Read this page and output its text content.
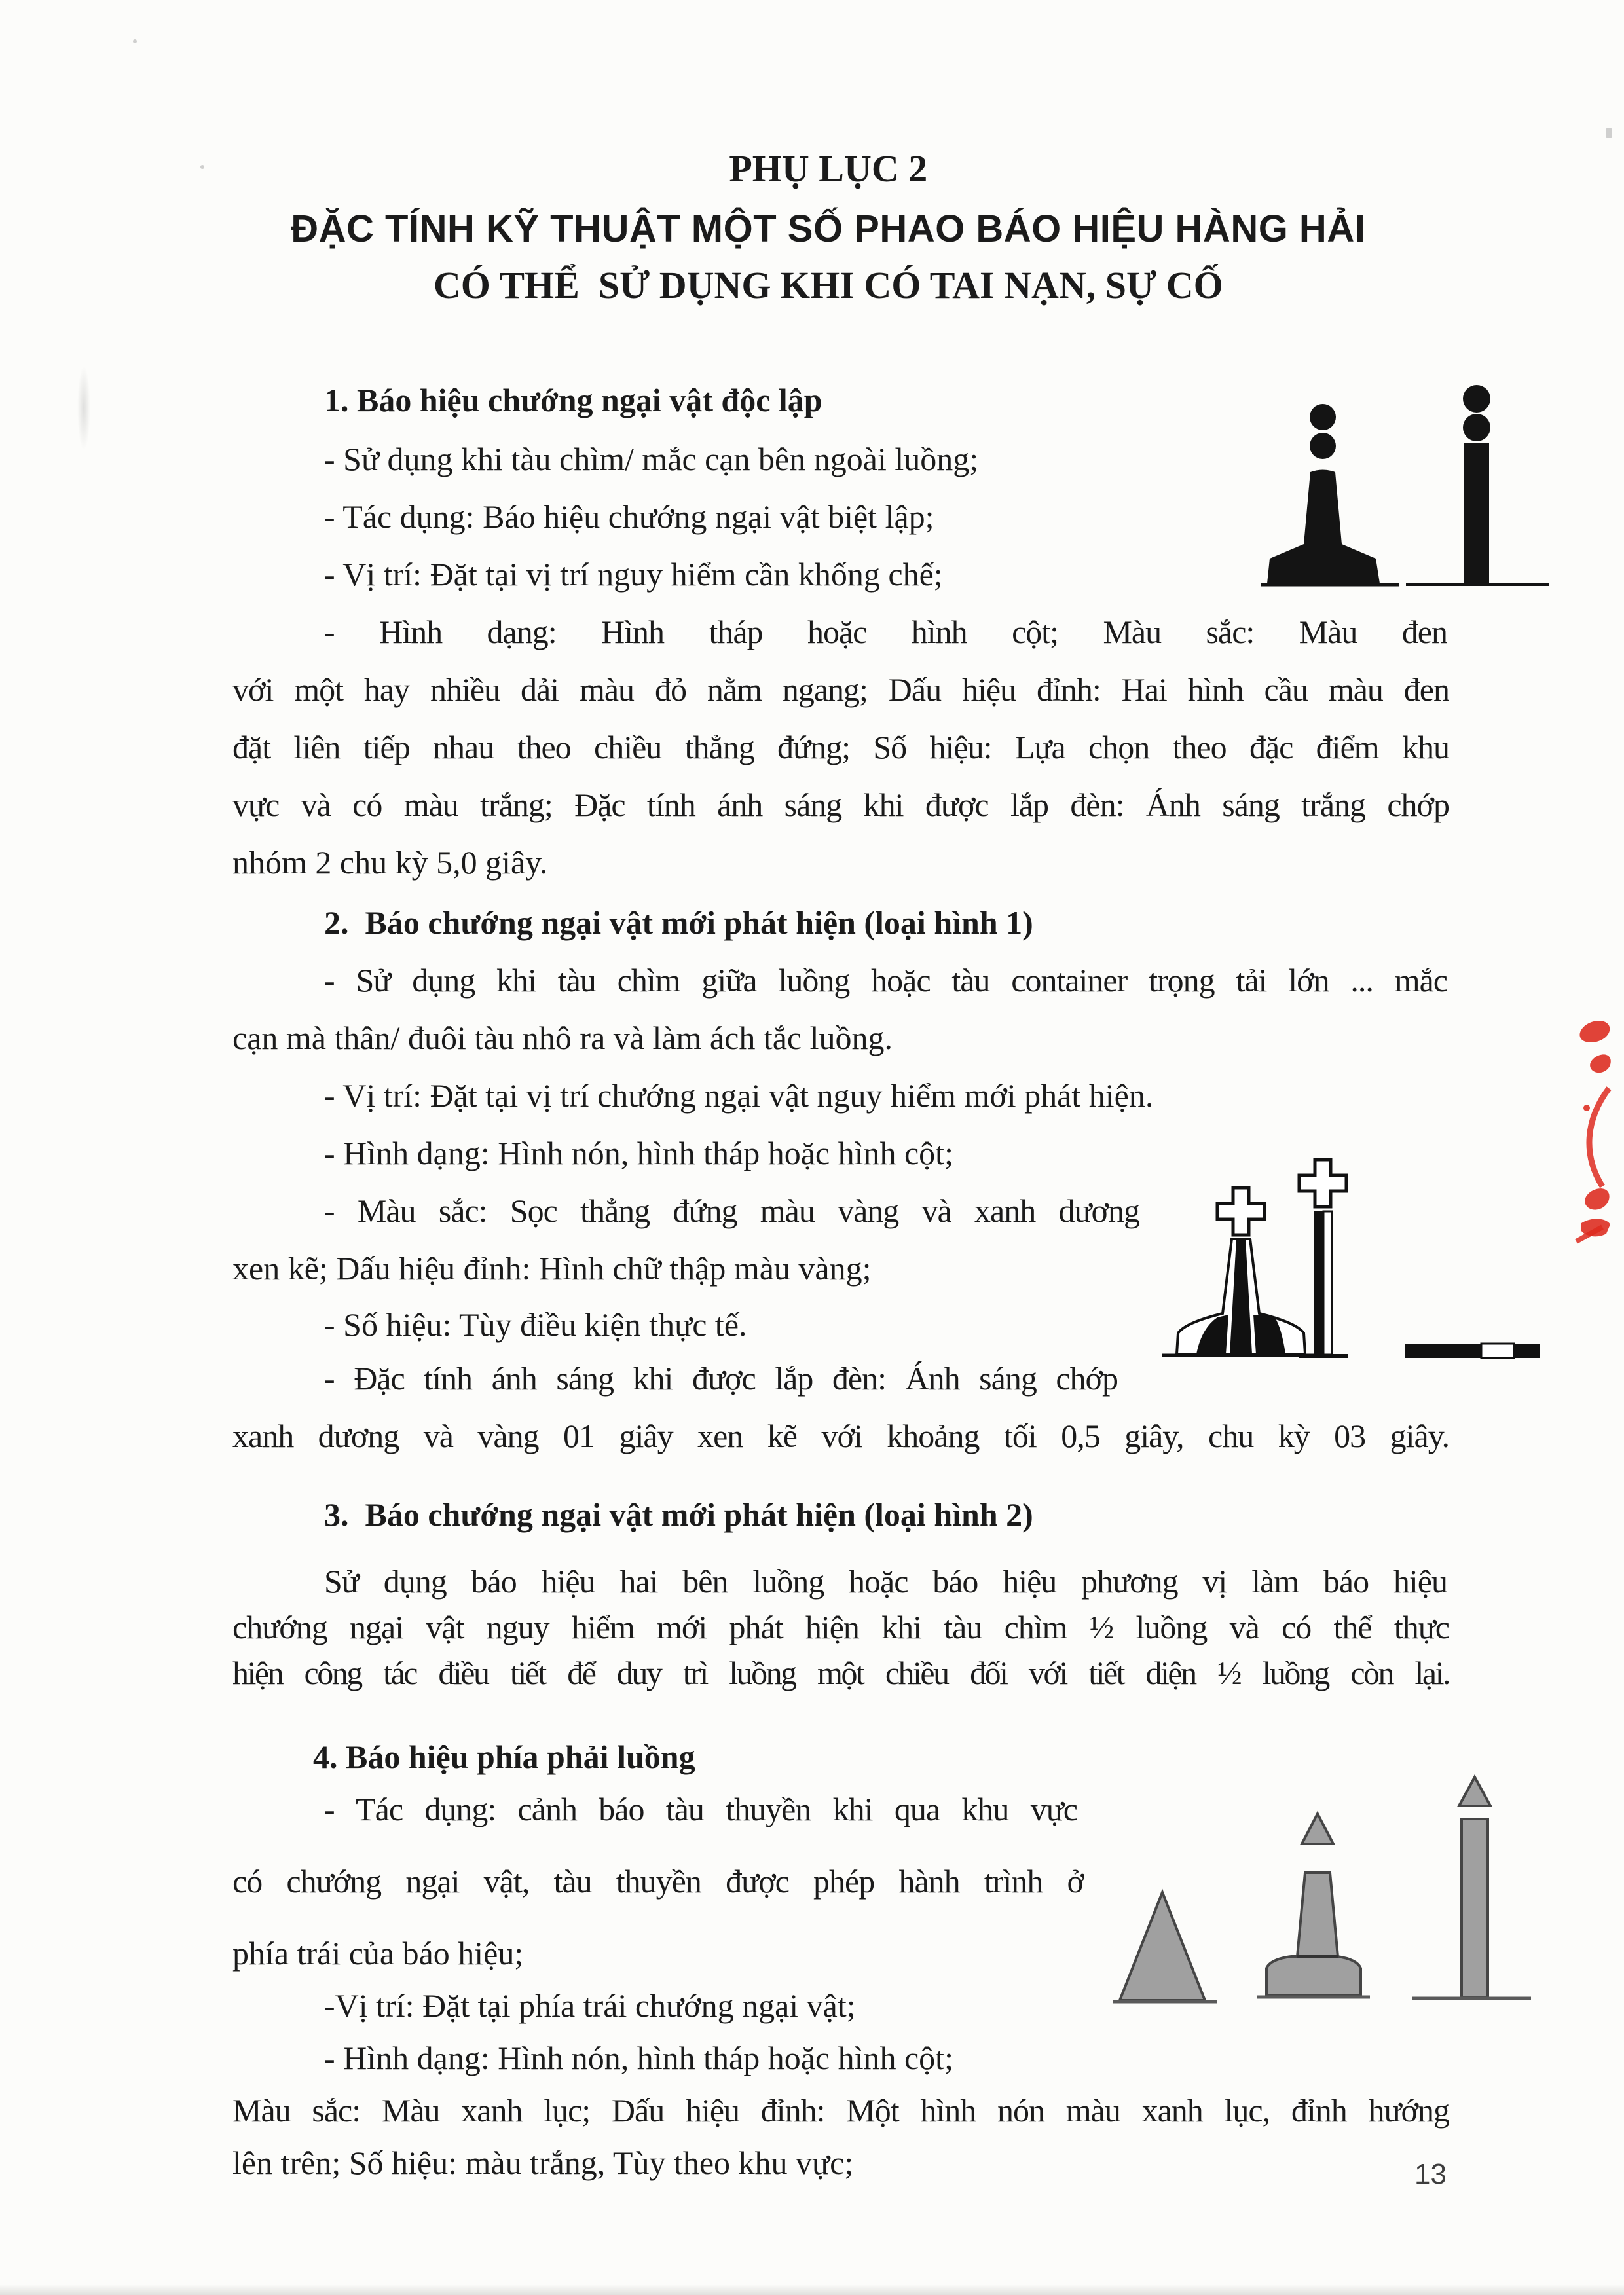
PHỤ LỤC 2
ĐẶC TÍNH KỸ THUẬT MỘT SỐ PHAO BÁO HIỆU HÀNG HẢI
CÓ THỂ  SỬ DỤNG KHI CÓ TAI NẠN, SỰ CỐ
1. Báo hiệu chướng ngại vật độc lập
- Sử dụng khi tàu chìm/ mắc cạn bên ngoài luồng;
- Tác dụng: Báo hiệu chướng ngại vật biệt lập;
- Vị trí: Đặt tại vị trí nguy hiểm cần khống chế;
- Hình dạng: Hình tháp hoặc hình cột; Màu sắc: Màu đen
với một hay nhiều dải màu đỏ nằm ngang; Dấu hiệu đỉnh: Hai hình cầu màu đen
đặt liên tiếp nhau theo chiều thẳng đứng; Số hiệu: Lựa chọn theo đặc điểm khu
vực và có màu trắng; Đặc tính ánh sáng khi được lắp đèn: Ánh sáng trắng chớp
nhóm 2 chu kỳ 5,0 giây.
2.  Báo chướng ngại vật mới phát hiện (loại hình 1)
- Sử dụng khi tàu chìm giữa luồng hoặc tàu container trọng tải lớn ... mắc
cạn mà thân/ đuôi tàu nhô ra và làm ách tắc luồng.
- Vị trí: Đặt tại vị trí chướng ngại vật nguy hiểm mới phát hiện.
- Hình dạng: Hình nón, hình tháp hoặc hình cột;
- Màu sắc: Sọc thẳng đứng màu vàng và xanh dương
xen kẽ; Dấu hiệu đỉnh: Hình chữ thập màu vàng;
- Số hiệu: Tùy điều kiện thực tế.
- Đặc tính ánh sáng khi được lắp đèn: Ánh sáng chớp
xanh dương và vàng 01 giây xen kẽ với khoảng tối 0,5 giây, chu kỳ 03 giây.
3.  Báo chướng ngại vật mới phát hiện (loại hình 2)
Sử dụng báo hiệu hai bên luồng hoặc báo hiệu phương vị làm báo hiệu
chướng ngại vật nguy hiểm mới phát hiện khi tàu chìm ½ luồng và có thể thực
hiện công tác điều tiết để duy trì luồng một chiều đối với tiết diện ½ luồng còn lại.
4. Báo hiệu phía phải luồng
- Tác dụng: cảnh báo tàu thuyền khi qua khu vực
có chướng ngại vật, tàu thuyền được phép hành trình ở
phía trái của báo hiệu;
-Vị trí: Đặt tại phía trái chướng ngại vật;
- Hình dạng: Hình nón, hình tháp hoặc hình cột;
Màu sắc: Màu xanh lục; Dấu hiệu đỉnh: Một hình nón màu xanh lục, đỉnh hướng
lên trên; Số hiệu: màu trắng, Tùy theo khu vực;	13
